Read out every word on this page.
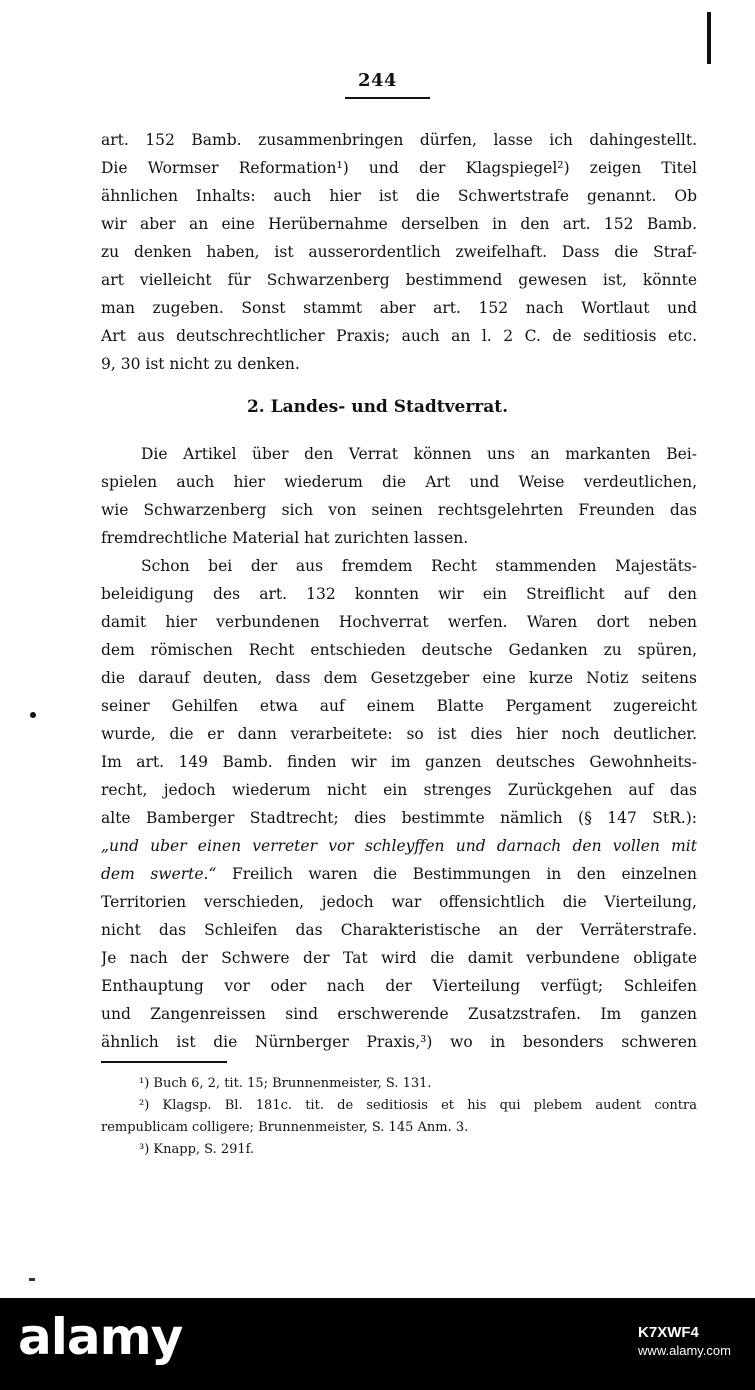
244
art. 152 Bamb. zusammenbringen dürfen, lasse ich dahingestellt.
Die Wormser Reformation¹) und der Klagspiegel²) zeigen Titel
ähnlichen Inhalts: auch hier ist die Schwertstrafe genannt. Ob
wir aber an eine Herübernahme derselben in den art. 152 Bamb.
zu denken haben, ist ausserordentlich zweifelhaft. Dass die Straf-
art vielleicht für Schwarzenberg bestimmend gewesen ist, könnte
man zugeben. Sonst stammt aber art. 152 nach Wortlaut und
Art aus deutschrechtlicher Praxis; auch an l. 2 C. de seditiosis etc.
9, 30 ist nicht zu denken.
2. Landes- und Stadtverrat.
Die Artikel über den Verrat können uns an markanten Bei-
spielen auch hier wiederum die Art und Weise verdeutlichen,
wie Schwarzenberg sich von seinen rechtsgelehrten Freunden das
fremdrechtliche Material hat zurichten lassen.
Schon bei der aus fremdem Recht stammenden Majestäts-
beleidigung des art. 132 konnten wir ein Streiflicht auf den
damit hier verbundenen Hochverrat werfen. Waren dort neben
dem römischen Recht entschieden deutsche Gedanken zu spüren,
die darauf deuten, dass dem Gesetzgeber eine kurze Notiz seitens
seiner Gehilfen etwa auf einem Blatte Pergament zugereicht
wurde, die er dann verarbeitete: so ist dies hier noch deutlicher.
Im art. 149 Bamb. finden wir im ganzen deutsches Gewohnheits-
recht, jedoch wiederum nicht ein strenges Zurückgehen auf das
alte Bamberger Stadtrecht; dies bestimmte nämlich (§ 147 StR.):
„und uber einen verreter vor schleyffen und darnach den vollen mit
dem swerte.“ Freilich waren die Bestimmungen in den einzelnen
Territorien verschieden, jedoch war offensichtlich die Vierteilung,
nicht das Schleifen das Charakteristische an der Verräterstrafe.
Je nach der Schwere der Tat wird die damit verbundene obligate
Enthauptung vor oder nach der Vierteilung verfügt; Schleifen
und Zangenreissen sind erschwerende Zusatzstrafen. Im ganzen
ähnlich ist die Nürnberger Praxis,³) wo in besonders schweren
¹) Buch 6, 2, tit. 15; Brunnenmeister, S. 131.
²) Klagsp. Bl. 181c. tit. de seditiosis et his qui plebem audent contra
rempublicam colligere; Brunnenmeister, S. 145 Anm. 3.
³) Knapp, S. 291f.
alamy	K7XWF4
www.alamy.com
